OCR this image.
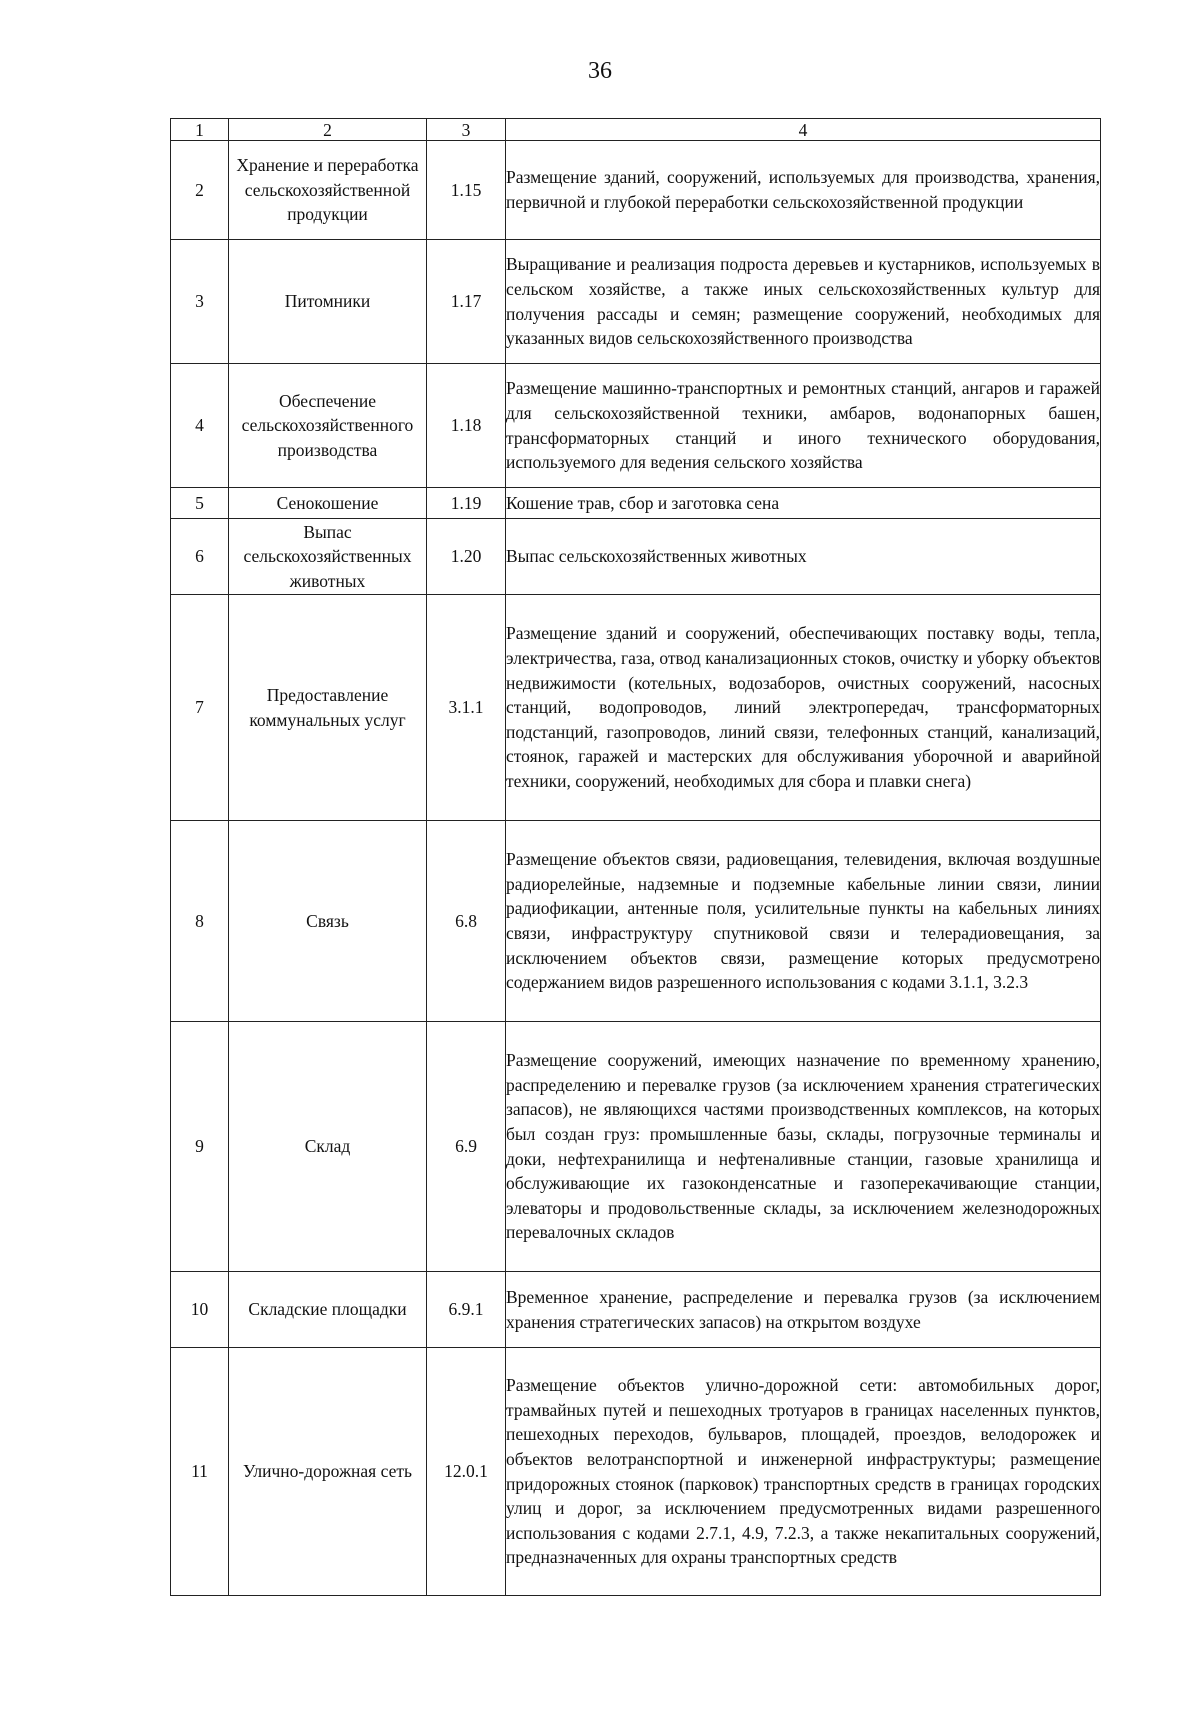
36
1	2	3	4
2	Хранение и переработка сельскохозяйственной продукции	1.15	Размещение зданий, сооружений, используемых для производства, хранения, первичной и глубокой переработки сельскохозяйственной продукции
3	Питомники	1.17	Выращивание и реализация подроста деревьев и кустарников, используемых в сельском хозяйстве, а также иных сельскохозяйственных культур для получения рассады и семян; размещение сооружений, необходимых для указанных видов сельскохозяйственного производства
4	Обеспечение сельскохозяйственного производства	1.18	Размещение машинно-транспортных и ремонтных станций, ангаров и гаражей для сельскохозяйственной техники, амбаров, водонапорных башен, трансформаторных станций и иного технического оборудования, используемого для ведения сельского хозяйства
5	Сенокошение	1.19	Кошение трав, сбор и заготовка сена
6	Выпас сельскохозяйственных животных	1.20	Выпас сельскохозяйственных животных
7	Предоставление коммунальных услуг	3.1.1	Размещение зданий и сооружений, обеспечивающих поставку воды, тепла, электричества, газа, отвод канализационных стоков, очистку и уборку объектов недвижимости (котельных, водозаборов, очистных сооружений, насосных станций, водопроводов, линий электропередач, трансформаторных подстанций, газопроводов, линий связи, телефонных станций, канализаций, стоянок, гаражей и мастерских для обслуживания уборочной и аварийной техники, сооружений, необходимых для сбора и плавки снега)
8	Связь	6.8	Размещение объектов связи, радиовещания, телевидения, включая воздушные радиорелейные, надземные и подземные кабельные линии связи, линии радиофикации, антенные поля, усилительные пункты на кабельных линиях связи, инфраструктуру спутниковой связи и телерадиовещания, за исключением объектов связи, размещение которых предусмотрено содержанием видов разрешенного использования с кодами 3.1.1, 3.2.3
9	Склад	6.9	Размещение сооружений, имеющих назначение по временному хранению, распределению и перевалке грузов (за исключением хранения стратегических запасов), не являющихся частями производственных комплексов, на которых был создан груз: промышленные базы, склады, погрузочные терминалы и доки, нефтехранилища и нефтеналивные станции, газовые хранилища и обслуживающие их газоконденсатные и газоперекачивающие станции, элеваторы и продовольственные склады, за исключением железнодорожных перевалочных складов
10	Складские площадки	6.9.1	Временное хранение, распределение и перевалка грузов (за исключением хранения стратегических запасов) на открытом воздухе
11	Улично-дорожная сеть	12.0.1	Размещение объектов улично-дорожной сети: автомобильных дорог, трамвайных путей и пешеходных тротуаров в границах населенных пунктов, пешеходных переходов, бульваров, площадей, проездов, велодорожек и объектов велотранспортной и инженерной инфраструктуры; размещение придорожных стоянок (парковок) транспортных средств в границах городских улиц и дорог, за исключением предусмотренных видами разрешенного использования с кодами 2.7.1, 4.9, 7.2.3, а также некапитальных сооружений, предназначенных для охраны транспортных средств
